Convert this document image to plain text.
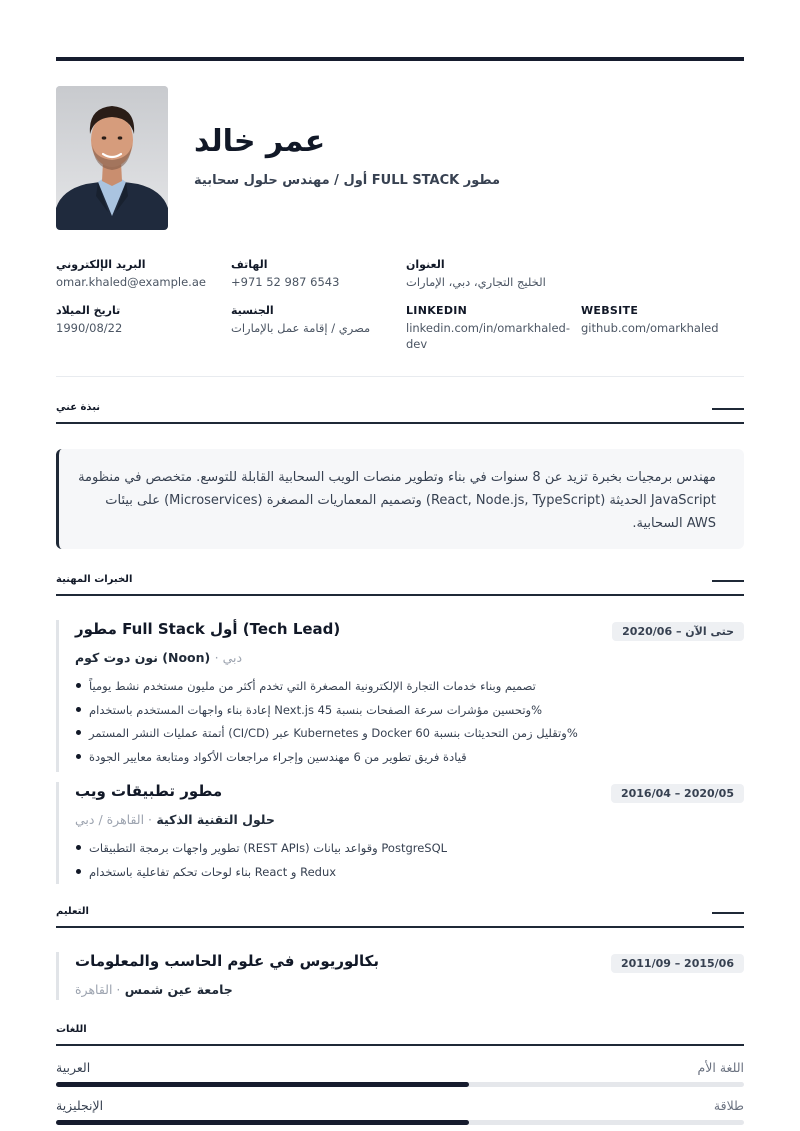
عمر خالد
أول / مهندس حلول سحابية FULL STACK مطور
البريد الإلكتروني
omar.khaled@example.ae
الهاتف
+971 52 987 6543
العنوان
الخليج التجاري، دبي، الإمارات
تاريخ الميلاد
1990/08/22
الجنسية
مصري / إقامة عمل بالإمارات
LINKEDIN
linkedin.com/in/omarkhaled-dev
WEBSITE
github.com/omarkhaled
نبذة عني

مهندس برمجيات بخبرة تزيد عن 8 سنوات في بناء وتطوير منصات الويب السحابية القابلة للتوسع. متخصص في منظومة JavaScript الحديثة (React, Node.js, TypeScript) وتصميم المعماريات المصغرة (Microservices) على بيئات AWS السحابية.

الخبرات المهنية
مطور Full Stack أول (Tech Lead)	حتى الآن – 2020/06
نون دوت كوم (Noon) · دبي
تصميم وبناء خدمات التجارة الإلكترونية المصغرة التي تخدم أكثر من مليون مستخدم نشط يومياً
إعادة بناء واجهات المستخدم باستخدام Next.js وتحسين مؤشرات سرعة الصفحات بنسبة 45%
أتمتة عمليات النشر المستمر (CI/CD) عبر Kubernetes و Docker وتقليل زمن التحديثات بنسبة 60%
قيادة فريق تطوير من 6 مهندسين وإجراء مراجعات الأكواد ومتابعة معايير الجودة
مطور تطبيقات ويب	2016/04 – 2020/05
حلول التقنية الذكية · القاهرة / دبي
تطوير واجهات برمجة التطبيقات (REST APIs) وقواعد بيانات PostgreSQL
بناء لوحات تحكم تفاعلية باستخدام React و Redux
التعليم
بكالوريوس في علوم الحاسب والمعلومات	2011/09 – 2015/06
جامعة عين شمس · القاهرة
اللغات
العربية	اللغة الأم
الإنجليزية	طلاقة
